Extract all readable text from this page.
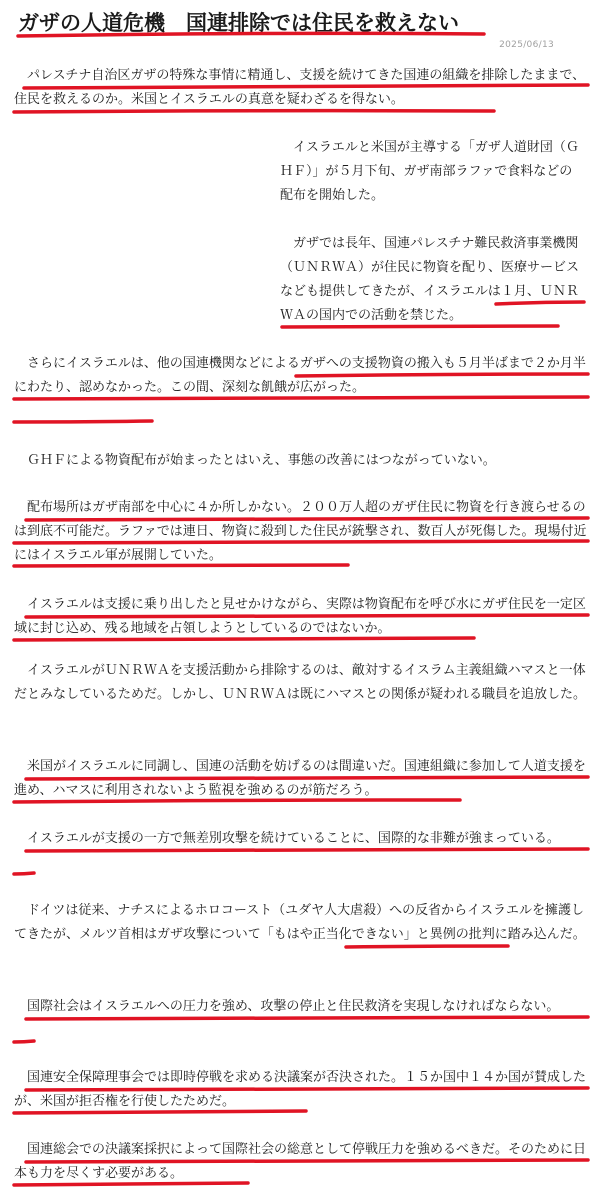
ガザの人道危機　国連排除では住民を救えない
2025/06/13

　パレスチナ自治区ガザの特殊な事情に精通し、支援を続けてきた国連の組織を排除したままで、住民を救えるのか。米国とイスラエルの真意を疑わざるを得ない。

　イスラエルと米国が主導する「ガザ人道財団（ＧＨＦ）」が５月下旬、ガザ南部ラファで食料などの配布を開始した。

　ガザでは長年、国連パレスチナ難民救済事業機関（ＵＮＲＷＡ）が住民に物資を配り、医療サービスなども提供してきたが、イスラエルは１月、ＵＮＲＷＡの国内での活動を禁じた。

　さらにイスラエルは、他の国連機関などによるガザへの支援物資の搬入も５月半ばまで２か月半にわたり、認めなかった。この間、深刻な飢餓が広がった。

　ＧＨＦによる物資配布が始まったとはいえ、事態の改善にはつながっていない。

　配布場所はガザ南部を中心に４か所しかない。２００万人超のガザ住民に物資を行き渡らせるのは到底不可能だ。ラファでは連日、物資に殺到した住民が銃撃され、数百人が死傷した。現場付近にはイスラエル軍が展開していた。

　イスラエルは支援に乗り出したと見せかけながら、実際は物資配布を呼び水にガザ住民を一定区域に封じ込め、残る地域を占領しようとしているのではないか。

　イスラエルがＵＮＲＷＡを支援活動から排除するのは、敵対するイスラム主義組織ハマスと一体だとみなしているためだ。しかし、ＵＮＲＷＡは既にハマスとの関係が疑われる職員を追放した。

　米国がイスラエルに同調し、国連の活動を妨げるのは間違いだ。国連組織に参加して人道支援を進め、ハマスに利用されないよう監視を強めるのが筋だろう。

　イスラエルが支援の一方で無差別攻撃を続けていることに、国際的な非難が強まっている。

　ドイツは従来、ナチスによるホロコースト（ユダヤ人大虐殺）への反省からイスラエルを擁護してきたが、メルツ首相はガザ攻撃について「もはや正当化できない」と異例の批判に踏み込んだ。

　国際社会はイスラエルへの圧力を強め、攻撃の停止と住民救済を実現しなければならない。

　国連安全保障理事会では即時停戦を求める決議案が否決された。１５か国中１４か国が賛成したが、米国が拒否権を行使したためだ。

　国連総会での決議案採択によって国際社会の総意として停戦圧力を強めるべきだ。そのために日本も力を尽くす必要がある。
